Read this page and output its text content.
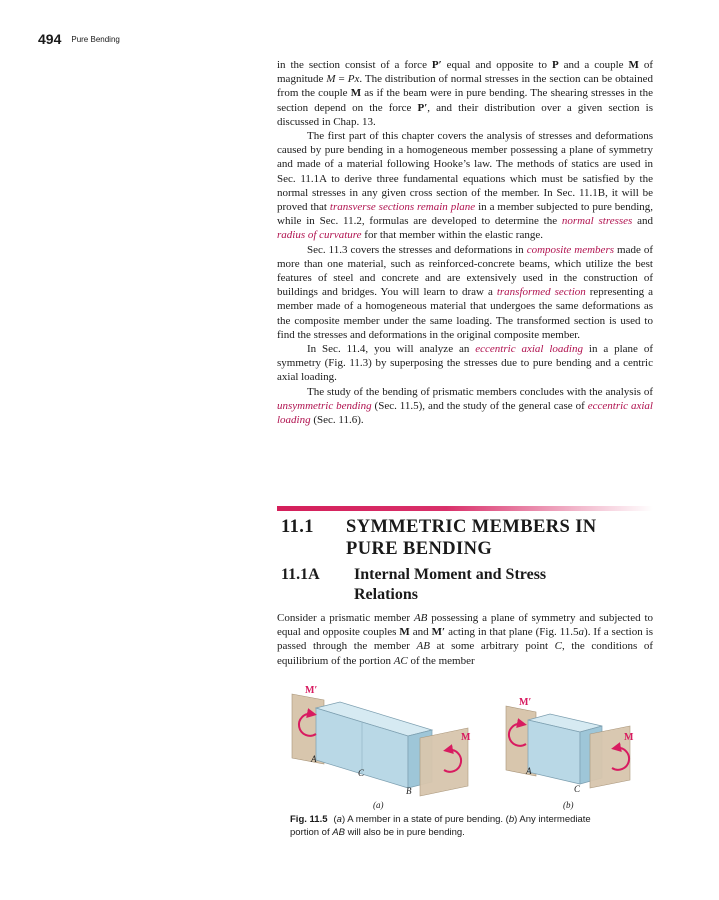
494 Pure Bending

in the section consist of a force P′ equal and opposite to P and a couple M of magnitude M = Px. The distribution of normal stresses in the section can be obtained from the couple M as if the beam were in pure bending. The shearing stresses in the section depend on the force P′, and their distribution over a given section is discussed in Chap. 13.

The first part of this chapter covers the analysis of stresses and deformations caused by pure bending in a homogeneous member possessing a plane of symmetry and made of a material following Hooke’s law. The methods of statics are used in Sec. 11.1A to derive three fundamental equations which must be satisfied by the normal stresses in any given cross section of the member. In Sec. 11.1B, it will be proved that transverse sections remain plane in a member subjected to pure bending, while in Sec. 11.2, formulas are developed to determine the normal stresses and radius of curvature for that member within the elastic range.

Sec. 11.3 covers the stresses and deformations in composite members made of more than one material, such as reinforced-concrete beams, which utilize the best features of steel and concrete and are extensively used in the construction of buildings and bridges. You will learn to draw a transformed section representing a member made of a homogeneous material that undergoes the same deformations as the composite member under the same loading. The transformed section is used to find the stresses and deformations in the original composite member.

In Sec. 11.4, you will analyze an eccentric axial loading in a plane of symmetry (Fig. 11.3) by superposing the stresses due to pure bending and a centric axial loading.

The study of the bending of prismatic members concludes with the analysis of unsymmetric bending (Sec. 11.5), and the study of the general case of eccentric axial loading (Sec. 11.6).

11.1 SYMMETRIC MEMBERS IN
PURE BENDING
11.1A Internal Moment and Stress
Relations

Consider a prismatic member AB possessing a plane of symmetry and subjected to equal and opposite couples M and M′ acting in that plane (Fig. 11.5a). If a section is passed through the member AB at some arbitrary point C, the conditions of equilibrium of the portion AC of the member

M′
M
A
C
B
(a)
M′
M
A
C
(b)
Fig. 11.5 (a) A member in a state of pure bending. (b) Any intermediate portion of AB will also be in pure bending.
